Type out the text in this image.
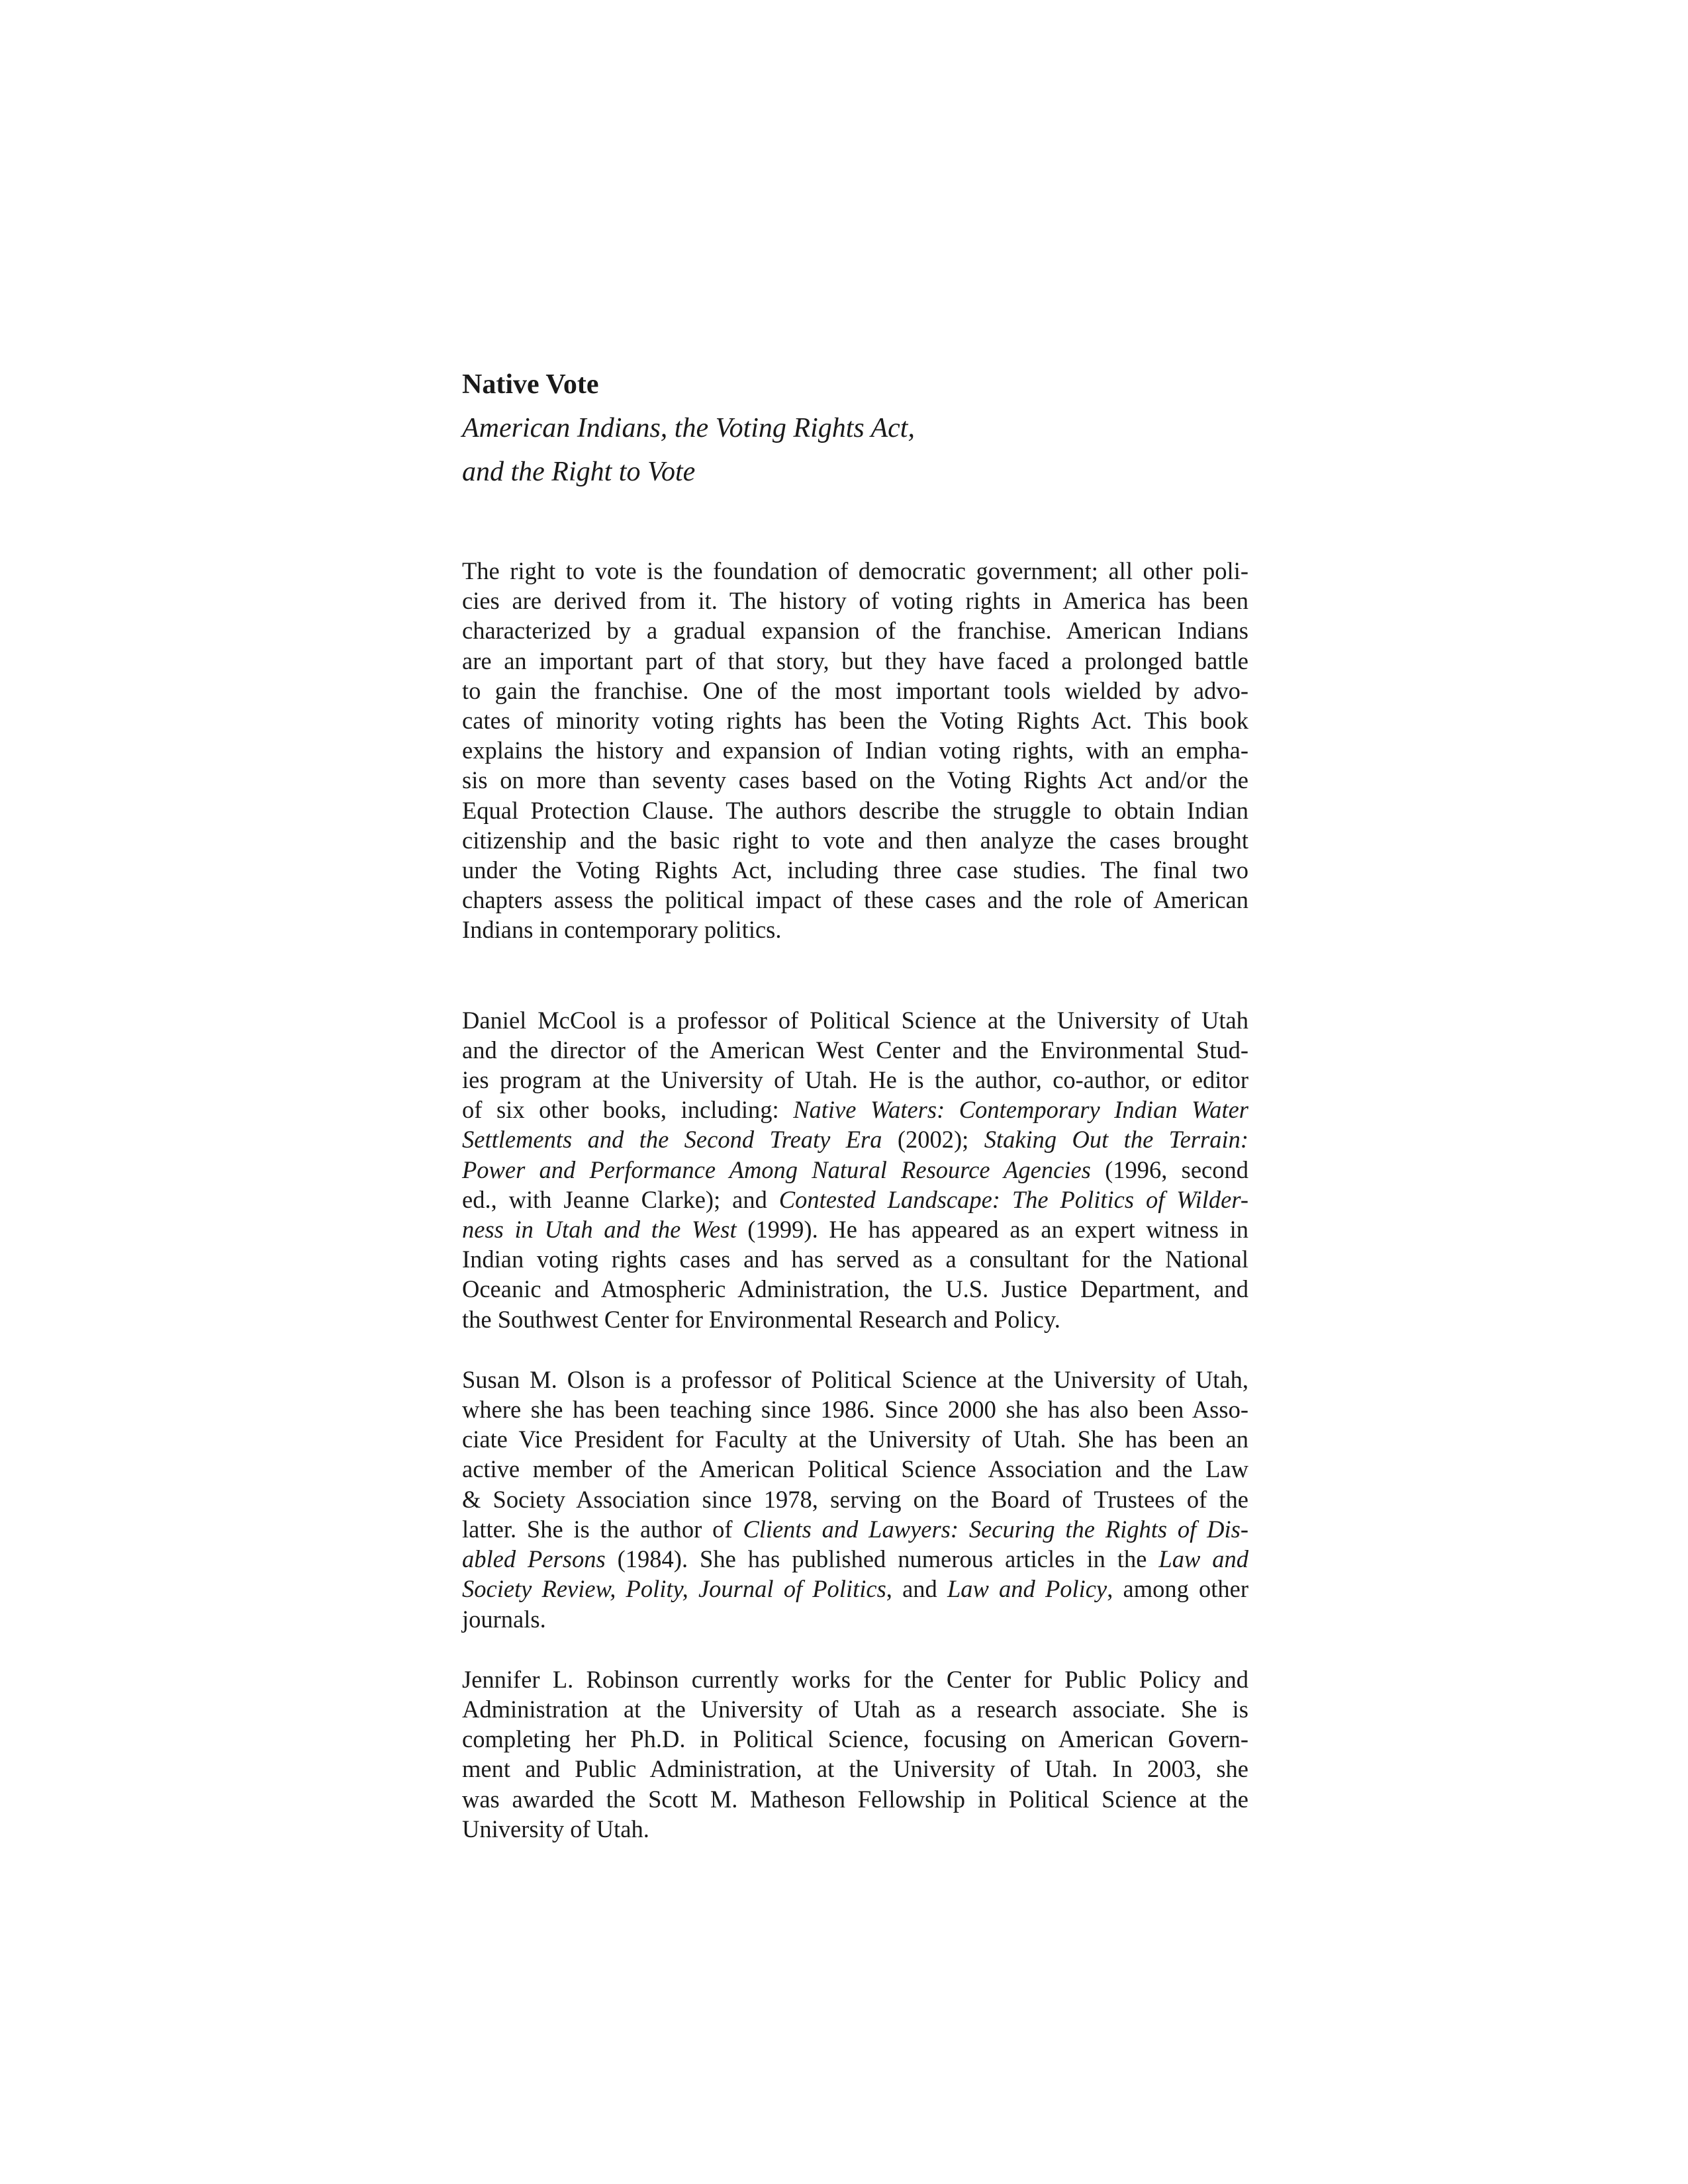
Native Vote

American Indians, the Voting Rights Act,

and the Right to Vote

The right to vote is the foundation of democratic government; all other poli-
cies are derived from it. The history of voting rights in America has been
characterized by a gradual expansion of the franchise. American Indians
are an important part of that story, but they have faced a prolonged battle
to gain the franchise. One of the most important tools wielded by advo-
cates of minority voting rights has been the Voting Rights Act. This book
explains the history and expansion of Indian voting rights, with an empha-
sis on more than seventy cases based on the Voting Rights Act and/or the
Equal Protection Clause. The authors describe the struggle to obtain Indian
citizenship and the basic right to vote and then analyze the cases brought
under the Voting Rights Act, including three case studies. The final two
chapters assess the political impact of these cases and the role of American
Indians in contemporary politics.

Daniel McCool is a professor of Political Science at the University of Utah
and the director of the American West Center and the Environmental Stud-
ies program at the University of Utah. He is the author, co-author, or editor
of six other books, including: Native Waters: Contemporary Indian Water
Settlements and the Second Treaty Era (2002); Staking Out the Terrain:
Power and Performance Among Natural Resource Agencies (1996, second
ed., with Jeanne Clarke); and Contested Landscape: The Politics of Wilder-
ness in Utah and the West (1999). He has appeared as an expert witness in
Indian voting rights cases and has served as a consultant for the National
Oceanic and Atmospheric Administration, the U.S. Justice Department, and
the Southwest Center for Environmental Research and Policy.

Susan M. Olson is a professor of Political Science at the University of Utah,
where she has been teaching since 1986. Since 2000 she has also been Asso-
ciate Vice President for Faculty at the University of Utah. She has been an
active member of the American Political Science Association and the Law
& Society Association since 1978, serving on the Board of Trustees of the
latter. She is the author of Clients and Lawyers: Securing the Rights of Dis-
abled Persons (1984). She has published numerous articles in the Law and
Society Review, Polity, Journal of Politics, and Law and Policy, among other
journals.

Jennifer L. Robinson currently works for the Center for Public Policy and
Administration at the University of Utah as a research associate. She is
completing her Ph.D. in Political Science, focusing on American Govern-
ment and Public Administration, at the University of Utah. In 2003, she
was awarded the Scott M. Matheson Fellowship in Political Science at the
University of Utah.
